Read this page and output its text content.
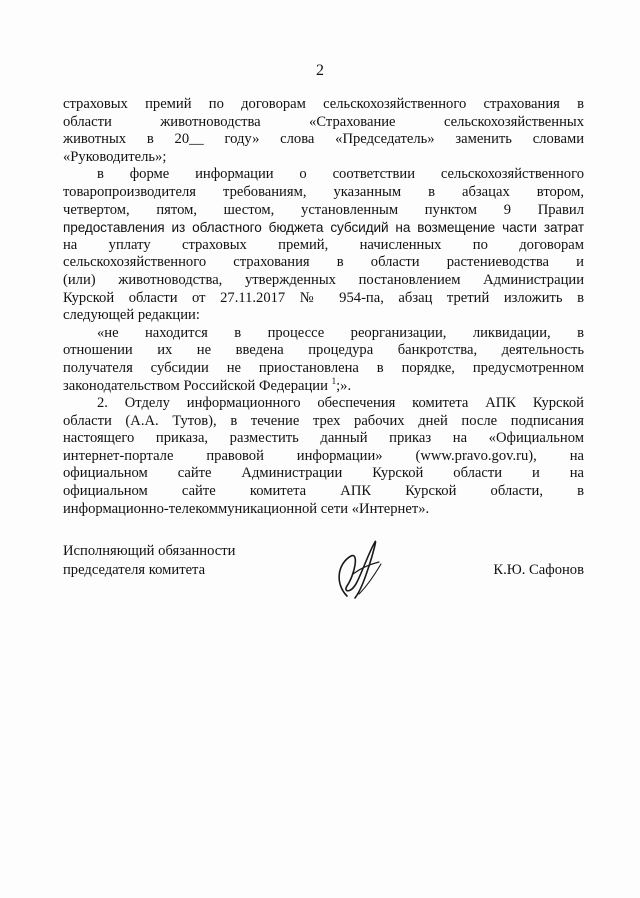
2
страховых премий по договорам сельскохозяйственного страхования в
области животноводства «Страхование сельскохозяйственных
животных в 20__ году» слова «Председатель» заменить словами
«Руководитель»;
в форме информации о соответствии сельскохозяйственного
товаропроизводителя требованиям, указанным в абзацах втором,
четвертом, пятом, шестом, установленным пунктом 9 Правил
предоставления из областного бюджета субсидий на возмещение части затрат
на уплату страховых премий, начисленных по договорам
сельскохозяйственного страхования в области растениеводства и
(или) животноводства, утвержденных постановлением Администрации
Курской области от 27.11.2017 № 954-па, абзац третий изложить в
следующей редакции:
«не находится в процессе реорганизации, ликвидации, в
отношении их не введена процедура банкротства, деятельность
получателя субсидии не приостановлена в порядке, предусмотренном
законодательством Российской Федерации $^1$;».
2. Отделу информационного обеспечения комитета АПК Курской
области (А.А. Тутов), в течение трех рабочих дней после подписания
настоящего приказа, разместить данный приказ на «Официальном
интернет-портале правовой информации» (www.pravo.gov.ru), на
официальном сайте Администрации Курской области и на
официальном сайте комитета АПК Курской области, в
информационно-телекоммуникационной сети «Интернет».
Исполняющий обязанности
председателя комитета	К.Ю. Сафонов
